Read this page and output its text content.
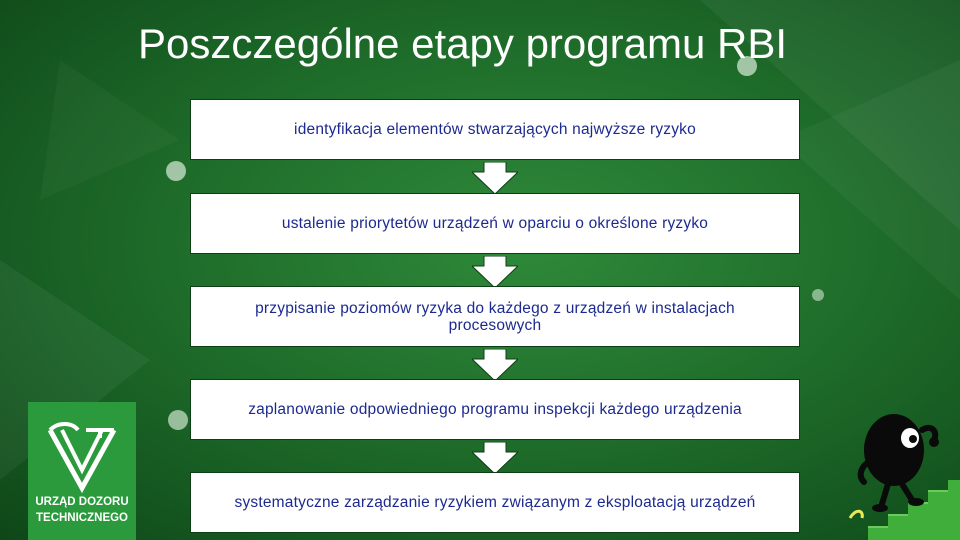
Poszczególne etapy programu RBI
identyfikacja elementów stwarzających najwyższe ryzyko
ustalenie priorytetów urządzeń w oparciu o określone ryzyko
przypisanie poziomów ryzyka do każdego z urządzeń w instalacjach procesowych
zaplanowanie odpowiedniego programu inspekcji każdego urządzenia
systematyczne zarządzanie ryzykiem związanym z eksploatacją urządzeń
URZĄD DOZORU
TECHNICZNEGO
